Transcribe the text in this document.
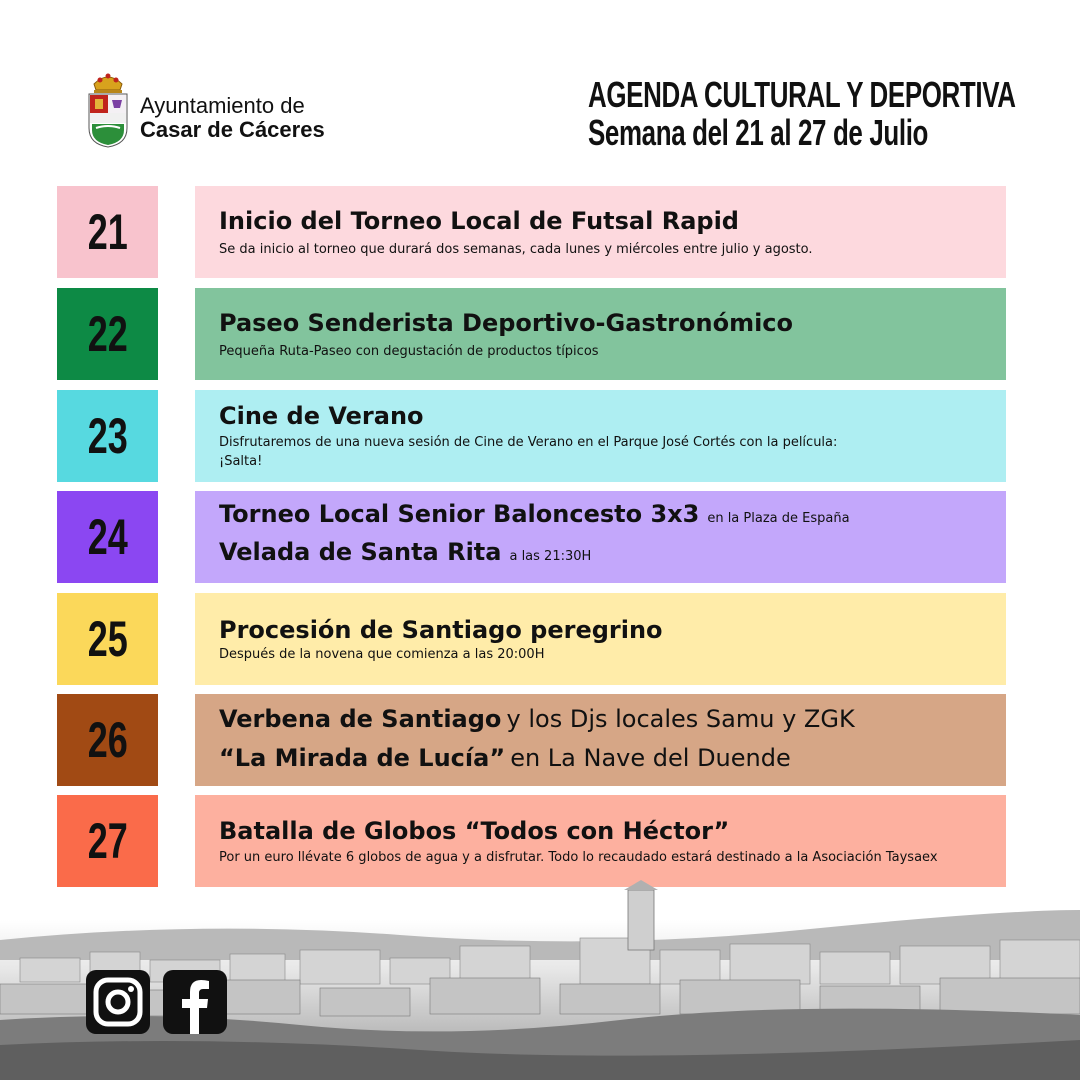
Ayuntamiento de
Casar de Cáceres
AGENDA CULTURAL Y DEPORTIVA
Semana del 21 al 27 de Julio
21	Inicio del Torneo Local de Futsal Rapid
Se da inicio al torneo que durará dos semanas, cada lunes y miércoles entre julio y agosto.
22	Paseo Senderista Deportivo-Gastronómico
Pequeña Ruta-Paseo con degustación de productos típicos
23	Cine de Verano
Disfrutaremos de una nueva sesión de Cine de Verano en el Parque José Cortés con la película: ¡Salta!
24	Torneo Local Senior Baloncesto 3x3 en la Plaza de España
Velada de Santa Rita a las 21:30H
25	Procesión de Santiago peregrino
Después de la novena que comienza a las 20:00H
26	Verbena de Santiago y los Djs locales Samu y ZGK
“La Mirada de Lucía” en La Nave del Duende
27	Batalla de Globos “Todos con Héctor”
Por un euro llévate 6 globos de agua y a disfrutar. Todo lo recaudado estará destinado a la Asociación Taysaex
